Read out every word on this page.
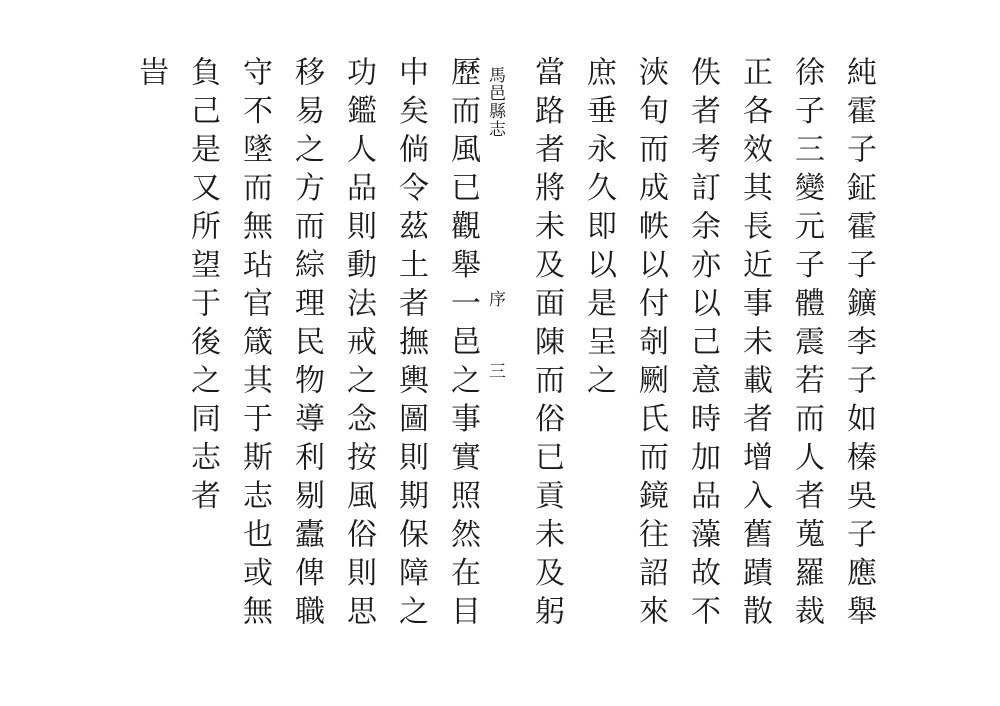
純霍子鉦霍子鑛李子如榛吳子應舉
徐子三變元子體震若而人者蒐羅裁
正各效其長近事未載者增入舊蹟散
佚者考訂余亦以己意時加品藻故不
浹旬而成帙以付剞劂氏而鏡往詔來
庶垂永久即以是呈之
馬邑縣志
序
三 當路者將未及面陳而俗已貢未及躬
歷而風已觀舉一邑之事實照然在目
中矣倘令茲土者撫輿圖則期保障之
功鑑人品則動法戒之念按風俗則思
移易之方而綜理民物導利剔蠹俾職
守不墜而無玷官箴其于斯志也或無
負己是又所望于後之同志者
旹
